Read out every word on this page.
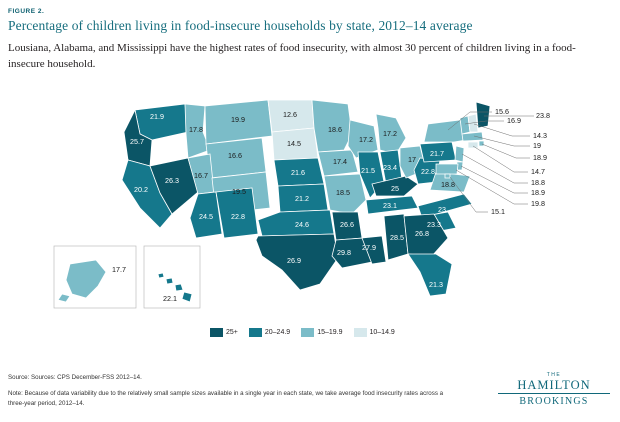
FIGURE 2.
Percentage of children living in food-insecure households by state, 2012–14 average
Lousiana, Alabama, and Mississippi have the highest rates of food insecurity, with almost 30 percent of children living in a food-insecure household.
21.9
25.7
20.2
26.3
17.8
19.9
16.6
16.7
24.5	22.8
19.5
12.6
14.5
21.6
21.2
24.6
26.9
18.6
17.4
18.5
26.6
29.8
17.2
21.5
27.9
17.2
23.4
25
23.1
28.5
17
22.8
18.8
23
23.3
26.8
21.3
21.7
17.7
22.1
15.6
16.9
23.8
14.3
19
18.9
14.7
18.8
18.9
19.8
15.1
25+	20–24.9	15–19.9	10–14.9
Source: Sources: CPS December-FSS 2012–14.
Note: Because of data variability due to the relatively small sample sizes available in a single year in each state, we take average food insecurity rates across a three-year period, 2012–14.
THE
HAMILTON
BROOKINGS
